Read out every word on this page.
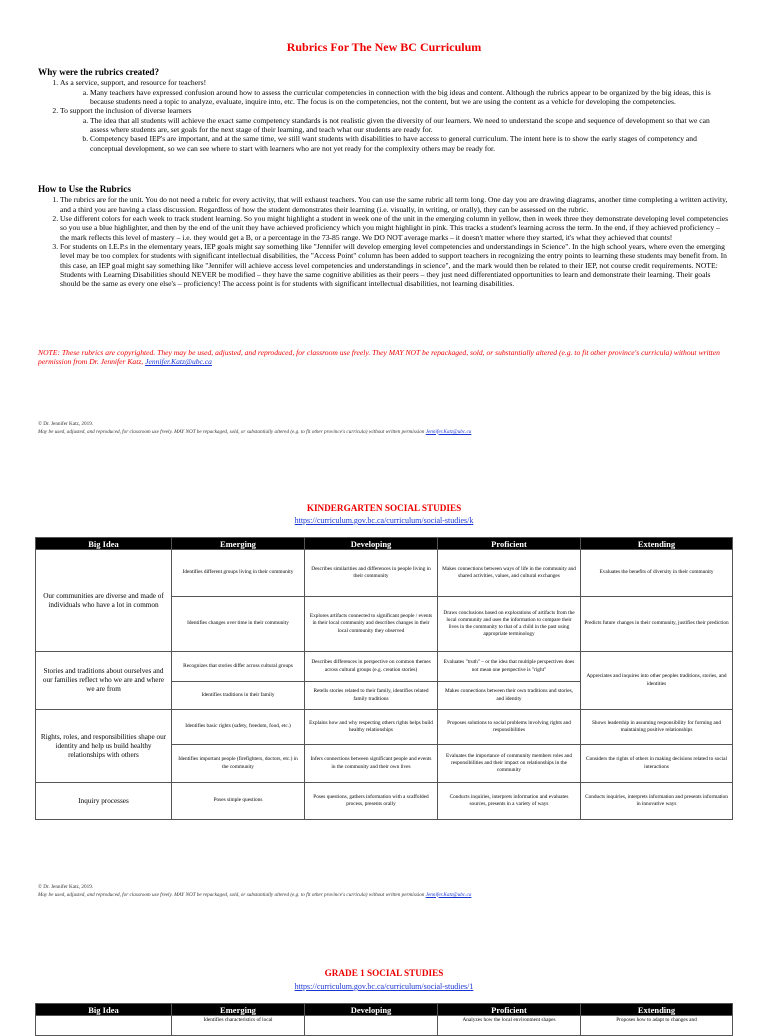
Rubrics For The New BC Curriculum

Why were the rubrics created?

1. As a service, support, and resource for teachers!
a. Many teachers have expressed confusion around how to assess the curricular competencies in connection with the big ideas and content. Although the rubrics appear to be organized by the big ideas, this is because students need a topic to analyze, evaluate, inquire into, etc. The focus is on the competencies, not the content, but we are using the content as a vehicle for developing the competencies.
2. To support the inclusion of diverse learners
a. The idea that all students will achieve the exact same competency standards is not realistic given the diversity of our learners. We need to understand the scope and sequence of development so that we can assess where students are, set goals for the next stage of their learning, and teach what our students are ready for.
b. Competency based IEP's are important, and at the same time, we still want students with disabilities to have access to general curriculum. The intent here is to show the early stages of competency and conceptual development, so we can see where to start with learners who are not yet ready for the complexity others may be ready for.

How to Use the Rubrics

1. The rubrics are for the unit. You do not need a rubric for every activity, that will exhaust teachers. You can use the same rubric all term long. One day you are drawing diagrams, another time completing a written activity, and a third you are having a class discussion. Regardless of how the student demonstrates their learning (i.e. visually, in writing, or orally), they can be assessed on the rubric.
2. Use different colors for each week to track student learning. So you might highlight a student in week one of the unit in the emerging column in yellow, then in week three they demonstrate developing level competencies so you use a blue highlighter, and then by the end of the unit they have achieved proficiency which you might highlight in pink. This tracks a student's learning across the term. In the end, if they achieved proficiency – the mark reflects this level of mastery – i.e. they would get a B, or a percentage in the 73-85 range. We DO NOT average marks – it doesn't matter where they started, it's what they achieved that counts!
3. For students on I.E.P.s in the elementary years, IEP goals might say something like "Jennifer will develop emerging level competencies and understandings in Science". In the high school years, where even the emerging level may be too complex for students with significant intellectual disabilities, the "Access Point" column has been added to support teachers in recognizing the entry points to learning these students may benefit from. In this case, an IEP goal might say something like "Jennifer will achieve access level competencies and understandings in science", and the mark would then be related to their IEP, not course credit requirements. NOTE: Students with Learning Disabilities should NEVER be modified – they have the same cognitive abilities as their peers – they just need differentiated opportunities to learn and demonstrate their learning. Their goals should be the same as every one else's – proficiency! The access point is for students with significant intellectual disabilities, not learning disabilities.
NOTE: These rubrics are copyrighted. They may be used, adjusted, and reproduced, for classroom use freely. They MAY NOT be repackaged, sold, or substantially altered (e.g. to fit other province's curricula) without written permission from Dr. Jennifer Katz, Jennifer.Katz@ubc.ca
© Dr. Jennifer Katz, 2019.
May be used, adjusted, and reproduced, for classroom use freely. MAY NOT be repackaged, sold, or substantially altered (e.g. to fit other province's curricula) without written permission Jennifer.Katz@ubc.ca
KINDERGARTEN SOCIAL STUDIES
https://curriculum.gov.bc.ca/curriculum/social-studies/k
Big Idea	Emerging	Developing	Proficient	Extending
Our communities are diverse and made of individuals who have a lot in common	Identifies different groups living in their community	Describes similarities and differences in people living in their community	Makes connections between ways of life in the community and shared activities, values, and cultural exchanges	Evaluates the benefits of diversity in their community
	Identifies changes over time in their community	Explores artifacts connected to significant people / events in their local community and describes changes in their local community they observed	Draws conclusions based on explorations of artifacts from the local community and uses the information to compare their lives in the community to that of a child in the past using appropriate terminology	Predicts future changes in their community, justifies their prediction
Stories and traditions about ourselves and our families reflect who we are and where we are from	Recognizes that stories differ across cultural groups	Describes differences in perspective on common themes across cultural groups (e.g. creation stories)	Evaluates "truth" – or the idea that multiple perspectives does not mean one perspective is "right"	Appreciates and inquires into other peoples traditions, stories, and identities
	Identifies traditions in their family	Retells stories related to their family, identifies related family traditions	Makes connections between their own traditions and stories, and identity	
Rights, roles, and responsibilities shape our identity and help us build healthy relationships with others	Identifies basic rights (safety, freedom, food, etc.)	Explains how and why respecting others rights helps build healthy relationships	Proposes solutions to social problems involving rights and responsibilities	Shows leadership in assuming responsibility for forming and maintaining positive relationships
	Identifies important people (firefighters, doctors, etc.) in the community	Infers connections between significant people and events in the community and their own lives	Evaluates the importance of community members roles and responsibilities and their impact on relationships in the community	Considers the rights of others in making decisions related to social interactions
Inquiry processes	Poses simple questions	Poses questions, gathers information with a scaffolded process, presents orally	Conducts inquiries, interprets information and evaluates sources, presents in a variety of ways	Conducts inquiries, interprets information and presents information in innovative ways
© Dr. Jennifer Katz, 2019.
May be used, adjusted, and reproduced, for classroom use freely. MAY NOT be repackaged, sold, or substantially altered (e.g. to fit other province's curricula) without written permission Jennifer.Katz@ubc.ca
GRADE 1 SOCIAL STUDIES
https://curriculum.gov.bc.ca/curriculum/social-studies/1
Big Idea	Emerging	Developing	Proficient	Extending
	Identifies characteristics of local		Analyzes how the local environment shapes	Proposes how to adapt to changes and
